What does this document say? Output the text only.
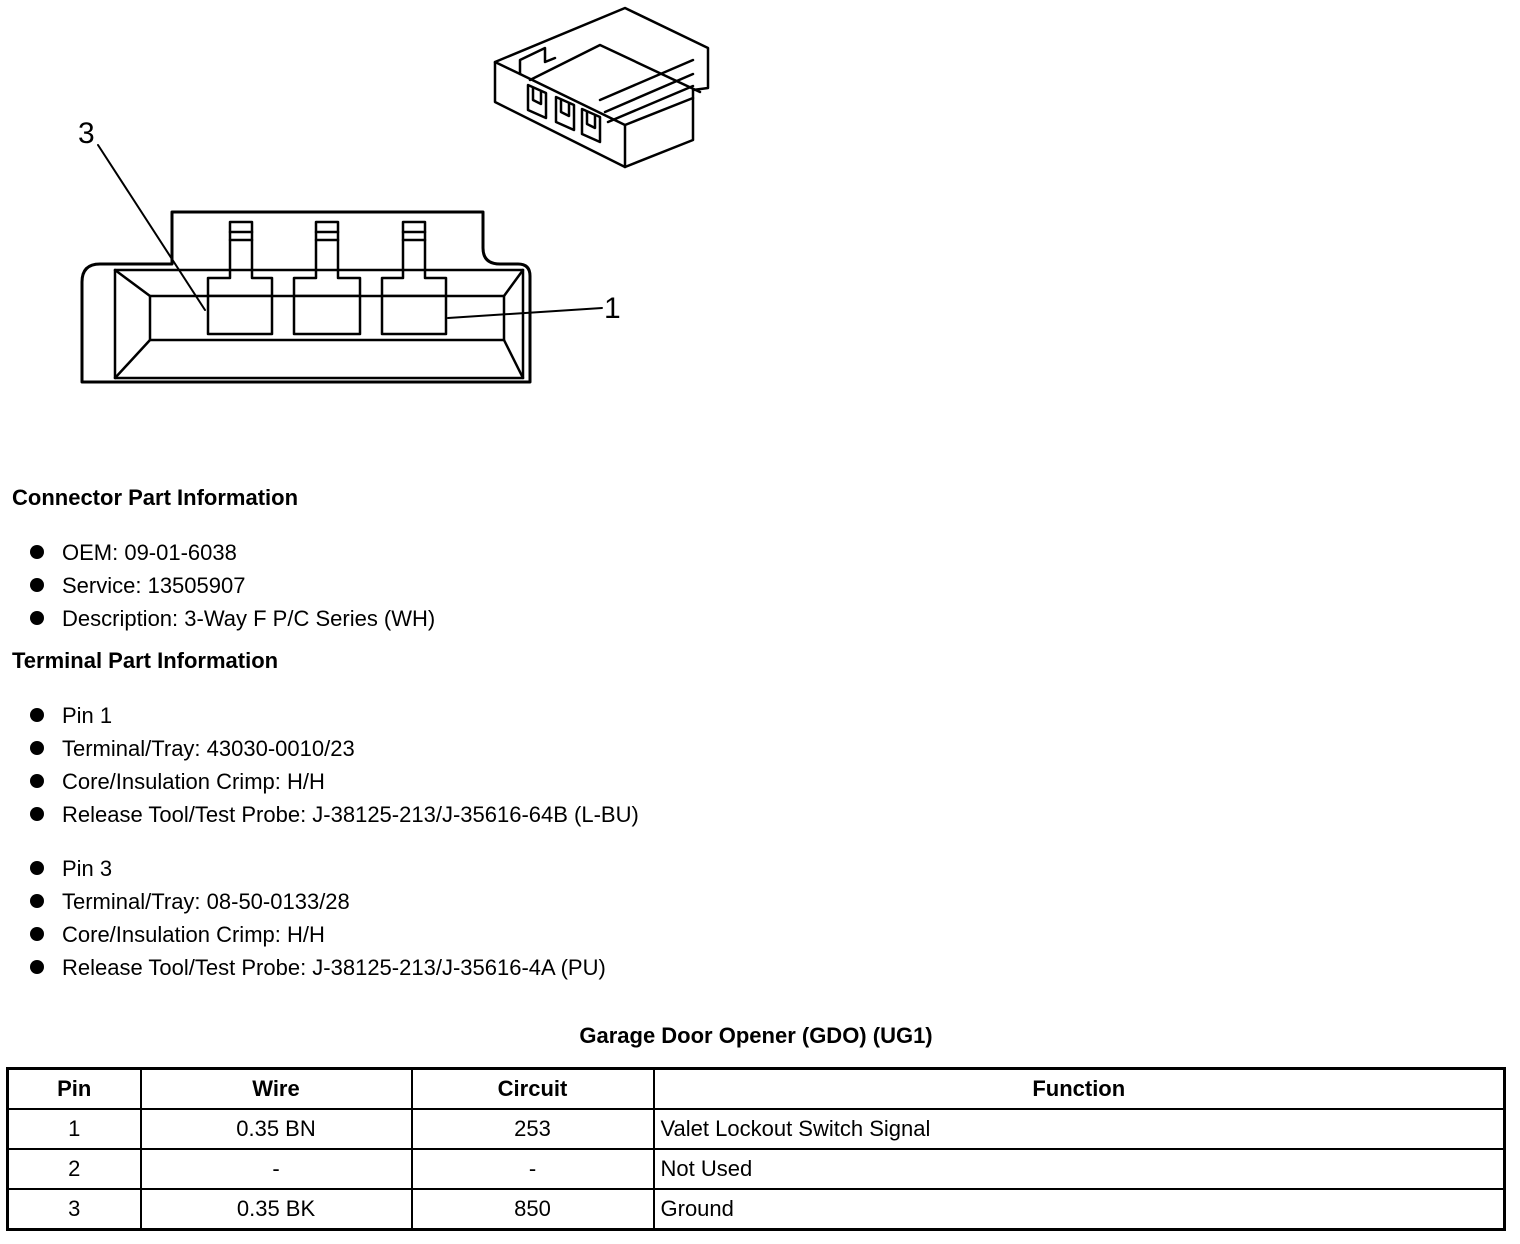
3
1
Connector Part Information
OEM: 09-01-6038
Service: 13505907
Description: 3-Way F P/C Series (WH)
Terminal Part Information
Pin 1
Terminal/Tray: 43030-0010/23
Core/Insulation Crimp: H/H
Release Tool/Test Probe: J-38125-213/J-35616-64B (L-BU)
Pin 3
Terminal/Tray: 08-50-0133/28
Core/Insulation Crimp: H/H
Release Tool/Test Probe: J-38125-213/J-35616-4A (PU)
Garage Door Opener (GDO) (UG1)
Pin	Wire	Circuit	Function
1	0.35 BN	253	Valet Lockout Switch Signal
2	-	-	Not Used
3	0.35 BK	850	Ground
